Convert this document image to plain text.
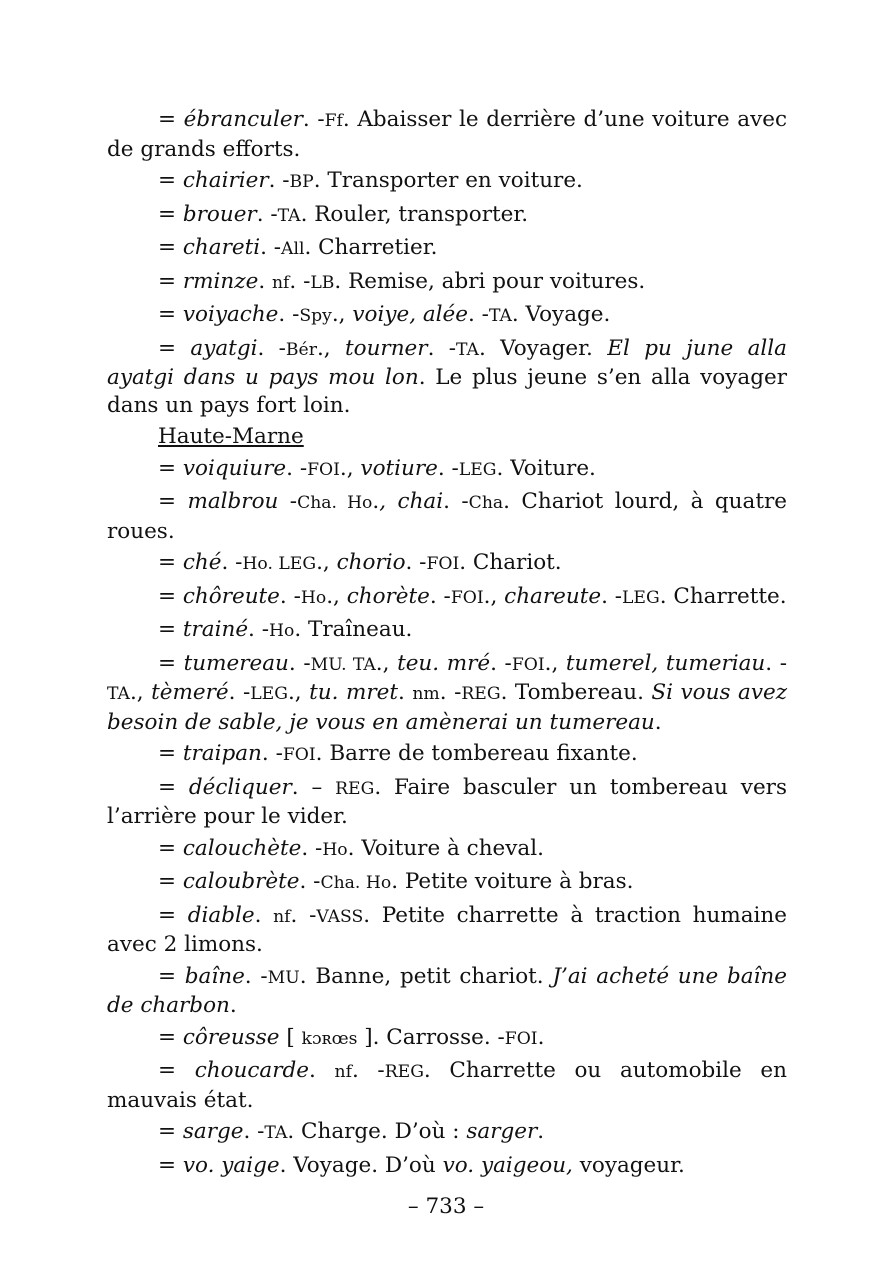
= ébranculer. -Ff. Abaisser le derrière d’une voiture avec de grands efforts.

= chairier. -BP. Transporter en voiture.

= brouer. -TA. Rouler, transporter.

= chareti. -All. Charretier.

= rminze. nf. -LB. Remise, abri pour voitures.

= voiyache. -Spy., voiye, alée. -TA. Voyage.

= ayatgi. -Bér., tourner. -TA. Voyager. El pu june alla ayatgi dans u pays mou lon. Le plus jeune s’en alla voyager dans un pays fort loin.

Haute-Marne

= voiquiure. -FOI., votiure. -LEG. Voiture.

= malbrou -Cha. Ho., chai. -Cha. Chariot lourd, à quatre roues.

= ché. -Ho. LEG., chorio. -FOI. Chariot.

= chôreute. -Ho., chorète. -FOI., chareute. -LEG. Charrette.

= trainé. -Ho. Traîneau.

= tumereau. -MU. TA., teu. mré. -FOI., tumerel, tumeriau. -TA., tèmeré. -LEG., tu. mret. nm. -REG. Tombereau. Si vous avez besoin de sable, je vous en amènerai un tumereau.

= traipan. -FOI. Barre de tombereau fixante.

= décliquer. – REG. Faire basculer un tombereau vers l’arrière pour le vider.

= calouchète. -Ho. Voiture à cheval.

= caloubrète. -Cha. Ho. Petite voiture à bras.

= diable. nf. -VASS. Petite charrette à traction humaine avec 2 limons.

= baîne. -MU. Banne, petit chariot. J’ai acheté une baîne de charbon.

= côreusse [ kɔʀœs ]. Carrosse. -FOI.

= choucarde. nf. -REG. Charrette ou automobile en mauvais état.

= sarge. -TA. Charge. D’où : sarger.

= vo. yaige. Voyage. D’où vo. yaigeou, voyageur.

– 733 –
